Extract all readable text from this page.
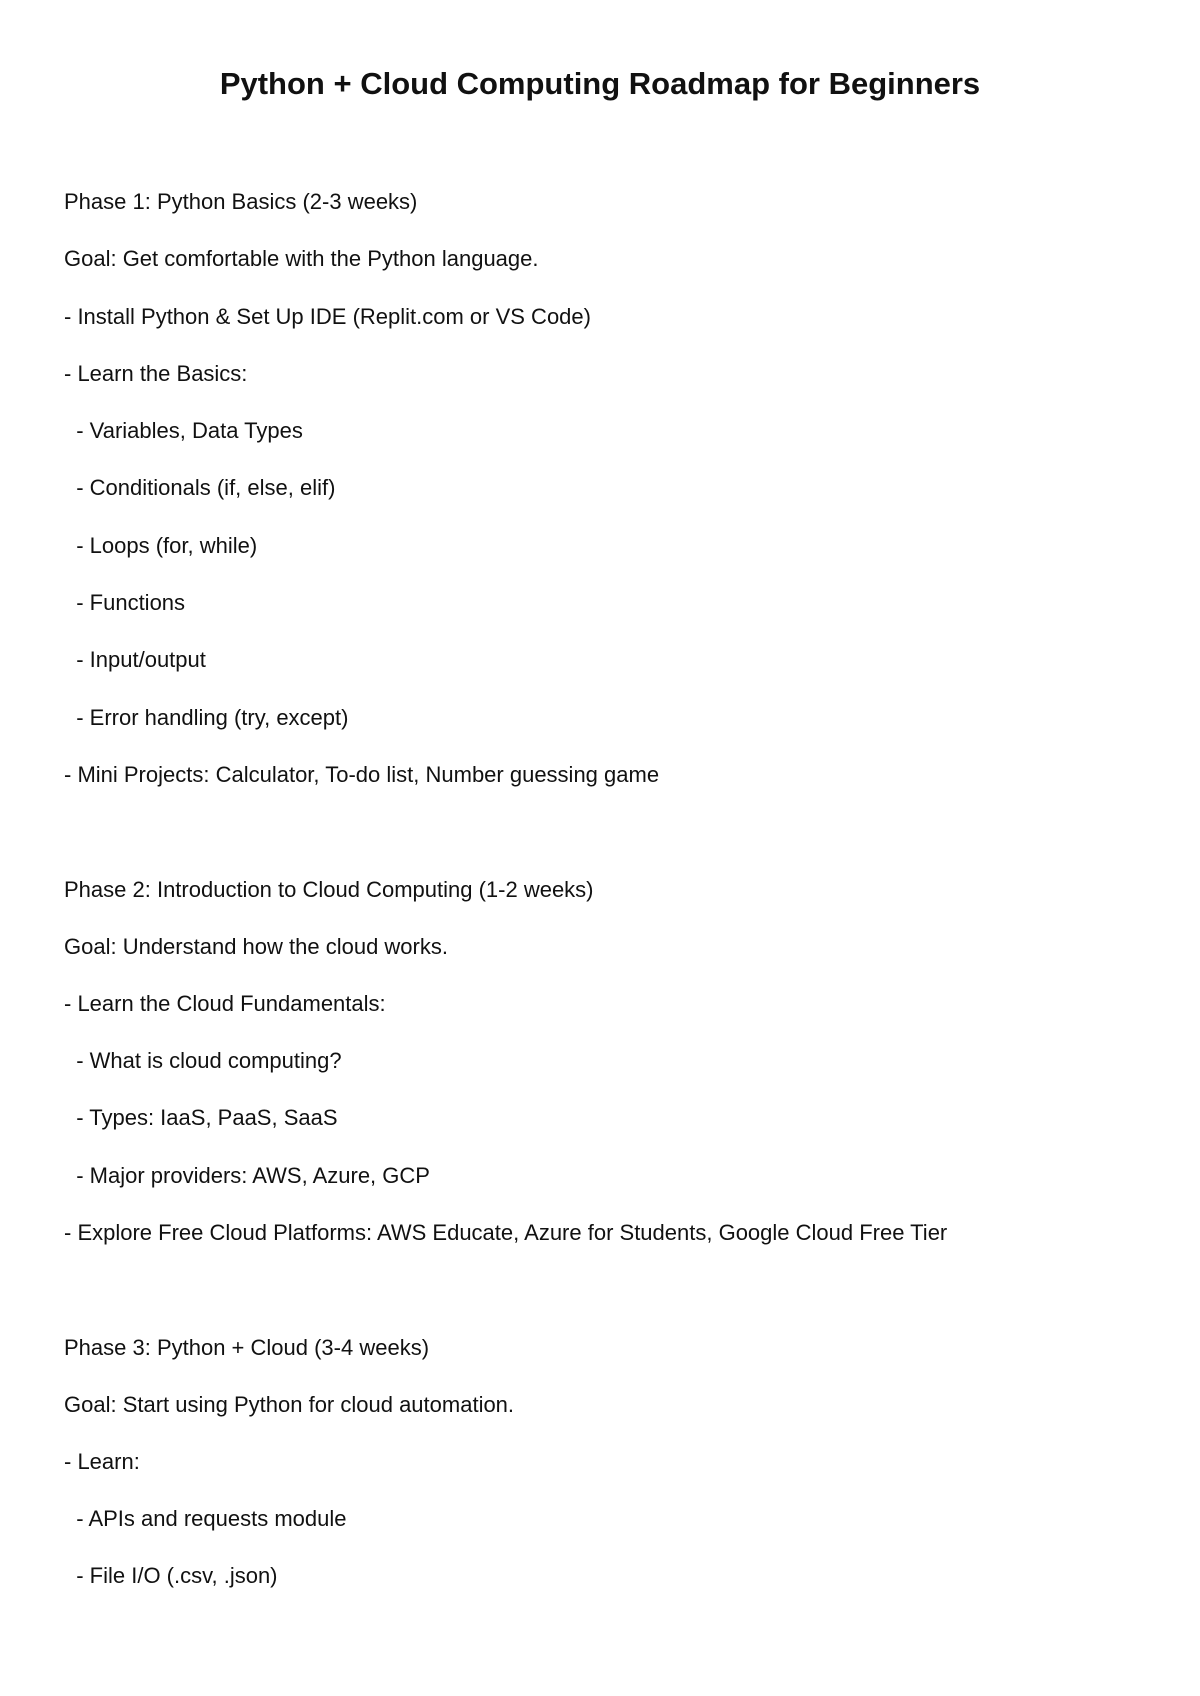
Python + Cloud Computing Roadmap for Beginners

Phase 1: Python Basics (2-3 weeks)

Goal: Get comfortable with the Python language.

- Install Python & Set Up IDE (Replit.com or VS Code)

- Learn the Basics:

- Variables, Data Types

- Conditionals (if, else, elif)

- Loops (for, while)

- Functions

- Input/output

- Error handling (try, except)

- Mini Projects: Calculator, To-do list, Number guessing game

Phase 2: Introduction to Cloud Computing (1-2 weeks)

Goal: Understand how the cloud works.

- Learn the Cloud Fundamentals:

- What is cloud computing?

- Types: IaaS, PaaS, SaaS

- Major providers: AWS, Azure, GCP

- Explore Free Cloud Platforms: AWS Educate, Azure for Students, Google Cloud Free Tier

Phase 3: Python + Cloud (3-4 weeks)

Goal: Start using Python for cloud automation.

- Learn:

- APIs and requests module

- File I/O (.csv, .json)
